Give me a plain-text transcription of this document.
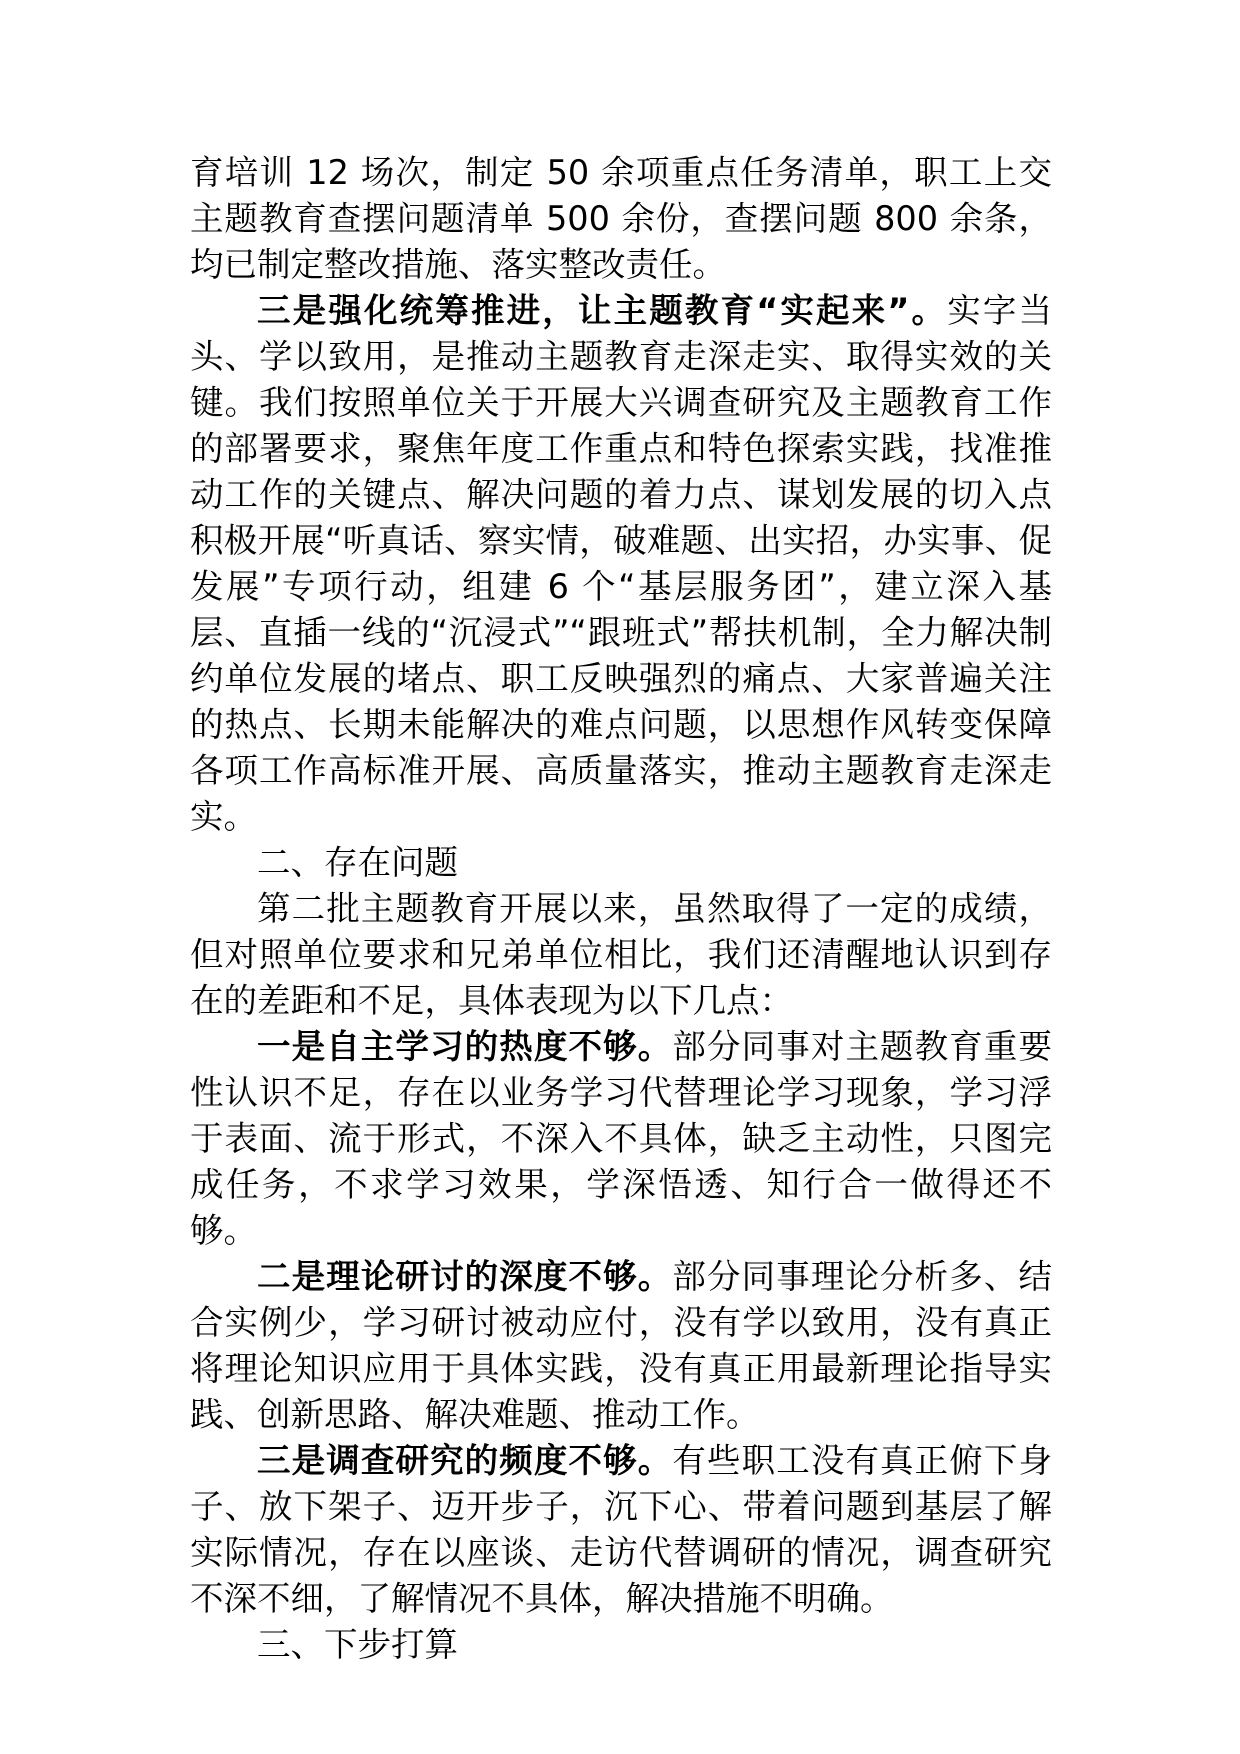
育培训 12 场次，制定 50 余项重点任务清单，职工上交主题教育查摆问题清单 500 余份，查摆问题 800 余条，均已制定整改措施、落实整改责任。

三是强化统筹推进，让主题教育“实起来”。实字当头、学以致用，是推动主题教育走深走实、取得实效的关键。我们按照单位关于开展大兴调查研究及主题教育工作的部署要求，聚焦年度工作重点和特色探索实践，找准推动工作的关键点、解决问题的着力点、谋划发展的切入点积极开展“听真话、察实情，破难题、出实招，办实事、促发展”专项行动，组建 6 个“基层服务团”，建立深入基层、直插一线的“沉浸式”“跟班式”帮扶机制，全力解决制约单位发展的堵点、职工反映强烈的痛点、大家普遍关注的热点、长期未能解决的难点问题，以思想作风转变保障各项工作高标准开展、高质量落实，推动主题教育走深走实。

二、存在问题

第二批主题教育开展以来，虽然取得了一定的成绩，但对照单位要求和兄弟单位相比，我们还清醒地认识到存在的差距和不足，具体表现为以下几点：

一是自主学习的热度不够。部分同事对主题教育重要性认识不足，存在以业务学习代替理论学习现象，学习浮于表面、流于形式，不深入不具体，缺乏主动性，只图完成任务，不求学习效果，学深悟透、知行合一做得还不够。

二是理论研讨的深度不够。部分同事理论分析多、结合实例少，学习研讨被动应付，没有学以致用，没有真正将理论知识应用于具体实践，没有真正用最新理论指导实践、创新思路、解决难题、推动工作。

三是调查研究的频度不够。有些职工没有真正俯下身子、放下架子、迈开步子，沉下心、带着问题到基层了解实际情况，存在以座谈、走访代替调研的情况，调查研究不深不细，了解情况不具体，解决措施不明确。

三、下步打算
